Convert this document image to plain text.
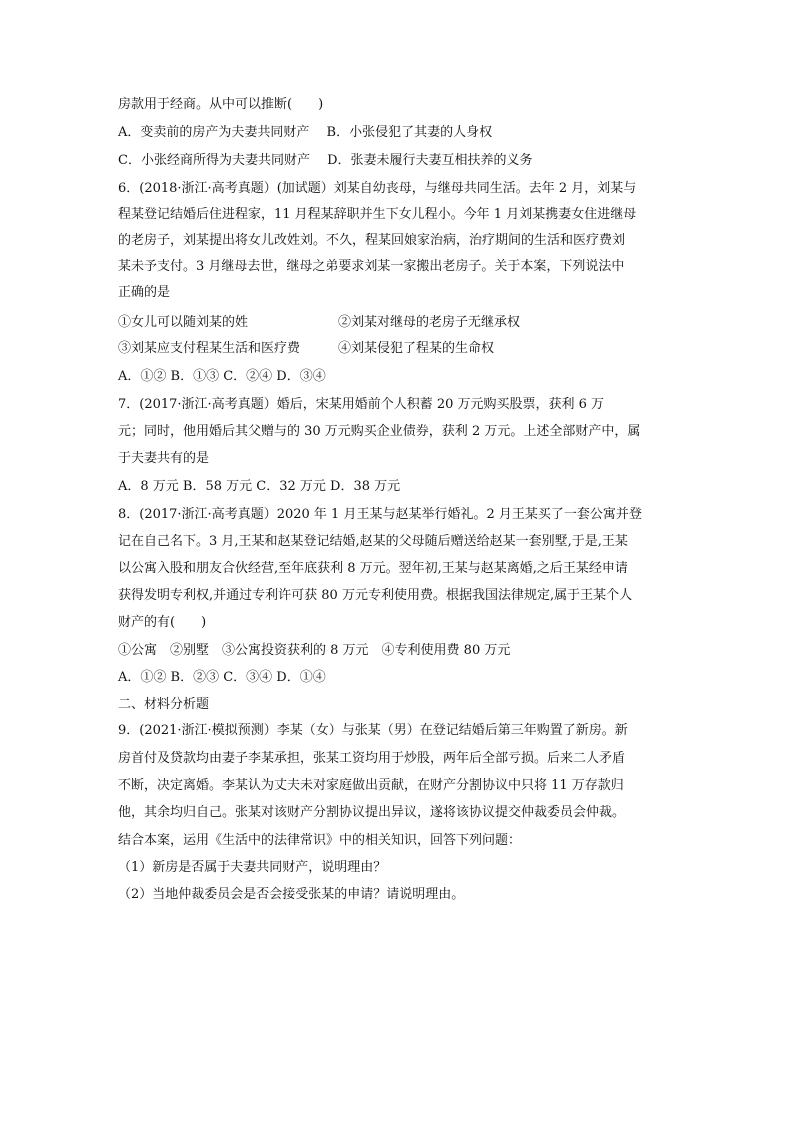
房款用于经商。从中可以推断(　　)
A．变卖前的房产为夫妻共同财产　 B．小张侵犯了其妻的人身权
C．小张经商所得为夫妻共同财产　 D．张妻未履行夫妻互相扶养的义务
6．(2018·浙江·高考真题）(加试题）刘某自幼丧母，与继母共同生活。去年 2 月，刘某与
程某登记结婚后住进程家，11 月程某辞职并生下女儿程小。今年 1 月刘某携妻女住进继母
的老房子，刘某提出将女儿改姓刘。不久，程某回娘家治病，治疗期间的生活和医疗费刘
某未予支付。3 月继母去世，继母之弟要求刘某一家搬出老房子。关于本案，下列说法中
正确的是
①女儿可以随刘某的姓	②刘某对继母的老房子无继承权
③刘某应支付程某生活和医疗费	④刘某侵犯了程某的生命权
A．①② B．①③ C．②④ D．③④
7．(2017·浙江·高考真题）婚后，宋某用婚前个人积蓄 20 万元购买股票，获利 6 万
元；同时，他用婚后其父赠与的 30 万元购买企业债券，获利 2 万元。上述全部财产中，属
于夫妻共有的是
A．8 万元 B．58 万元 C．32 万元 D．38 万元
8．(2017·浙江·高考真题）2020 年 1 月王某与赵某举行婚礼。2 月王某买了一套公寓并登
记在自己名下。3 月,王某和赵某登记结婚,赵某的父母随后赠送给赵某一套别墅,于是,王某
以公寓入股和朋友合伙经营,至年底获利 8 万元。翌年初,王某与赵某离婚,之后王某经申请
获得发明专利权,并通过专利许可获 80 万元专利使用费。根据我国法律规定,属于王某个人
财产的有(　　)
①公寓　②别墅　③公寓投资获利的 8 万元　④专利使用费 80 万元
A．①② B．②③ C．③④ D．①④
二、材料分析题
9．(2021·浙江·模拟预测）李某（女）与张某（男）在登记结婚后第三年购置了新房。新
房首付及贷款均由妻子李某承担，张某工资均用于炒股，两年后全部亏损。后来二人矛盾
不断，决定离婚。李某认为丈夫未对家庭做出贡献，在财产分割协议中只将 11 万存款归
他，其余均归自己。张某对该财产分割协议提出异议，遂将该协议提交仲裁委员会仲裁。
结合本案，运用《生活中的法律常识》中的相关知识，回答下列问题：
（1）新房是否属于夫妻共同财产，说明理由？
（2）当地仲裁委员会是否会接受张某的申请？请说明理由。
